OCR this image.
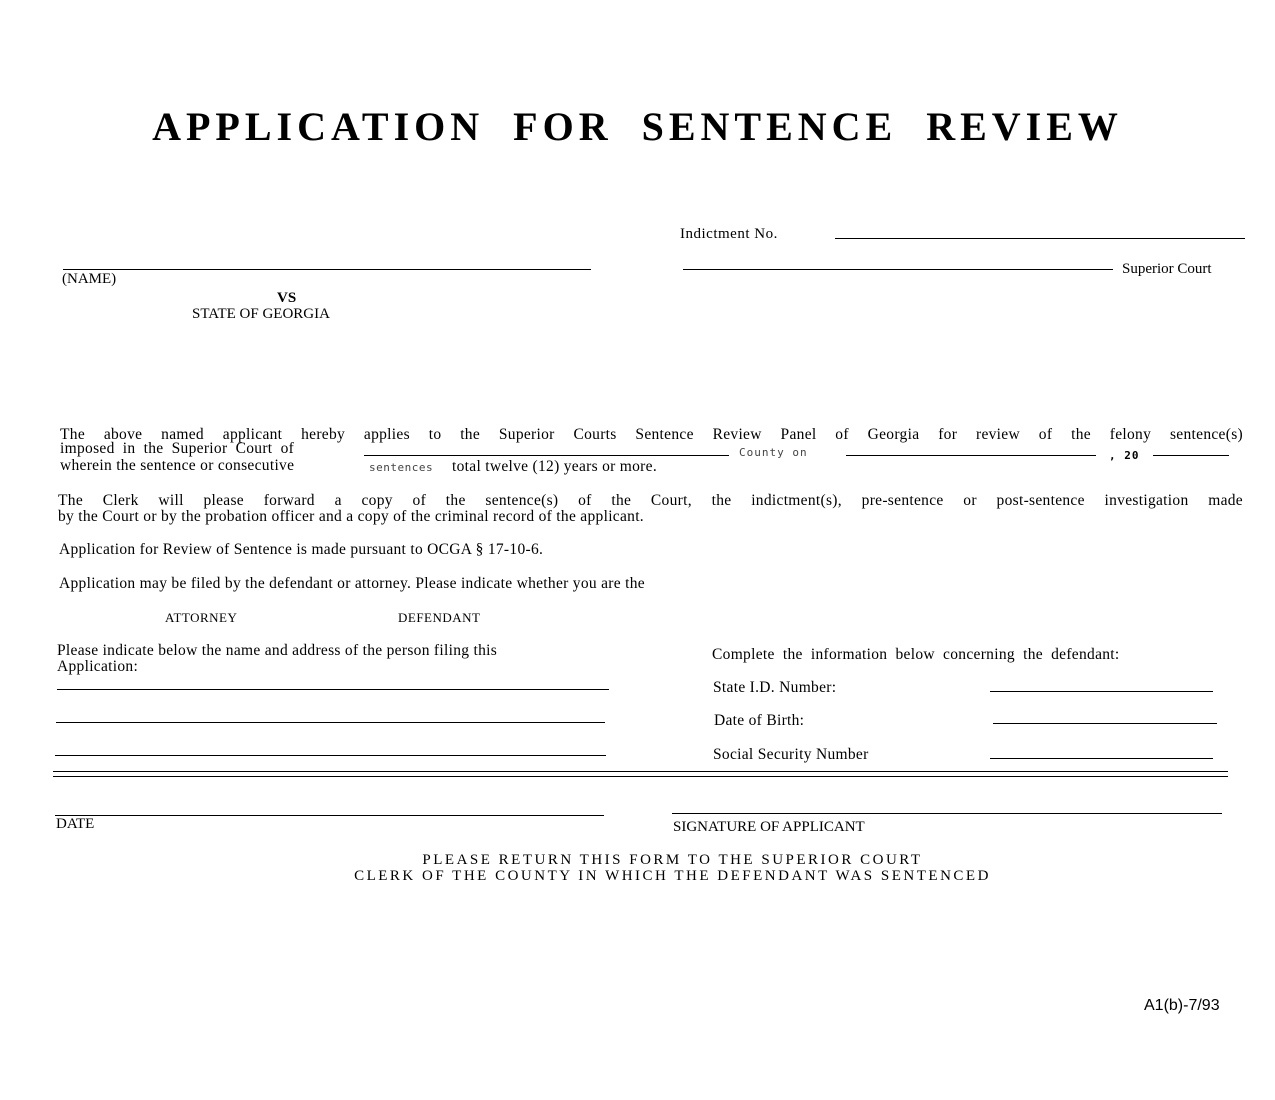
APPLICATION FOR SENTENCE REVIEW
Indictment No.
(NAME)
Superior Court
VS
STATE OF GEORGIA
The above named applicant hereby applies to the Superior Courts Sentence Review Panel of Georgia for review of the felony sentence(s)
imposed in the Superior Court of	County on	, 20
wherein the sentence or consecutive	sentences total twelve (12) years or more.
The Clerk will please forward a copy of the sentence(s) of the Court, the indictment(s), pre-sentence or post-sentence investigation made
by the Court or by the probation officer and a copy of the criminal record of the applicant.
Application for Review of Sentence is made pursuant to OCGA § 17-10-6.
Application may be filed by the defendant or attorney. Please indicate whether you are the
ATTORNEY	DEFENDANT
Please indicate below the name and address of the person filing this
Application:
Complete the information below concerning the defendant:
State I.D. Number:
Date of Birth:
Social Security Number
DATE	SIGNATURE OF APPLICANT
PLEASE RETURN THIS FORM TO THE SUPERIOR COURT
CLERK OF THE COUNTY IN WHICH THE DEFENDANT WAS SENTENCED
A1(b)-7/93
